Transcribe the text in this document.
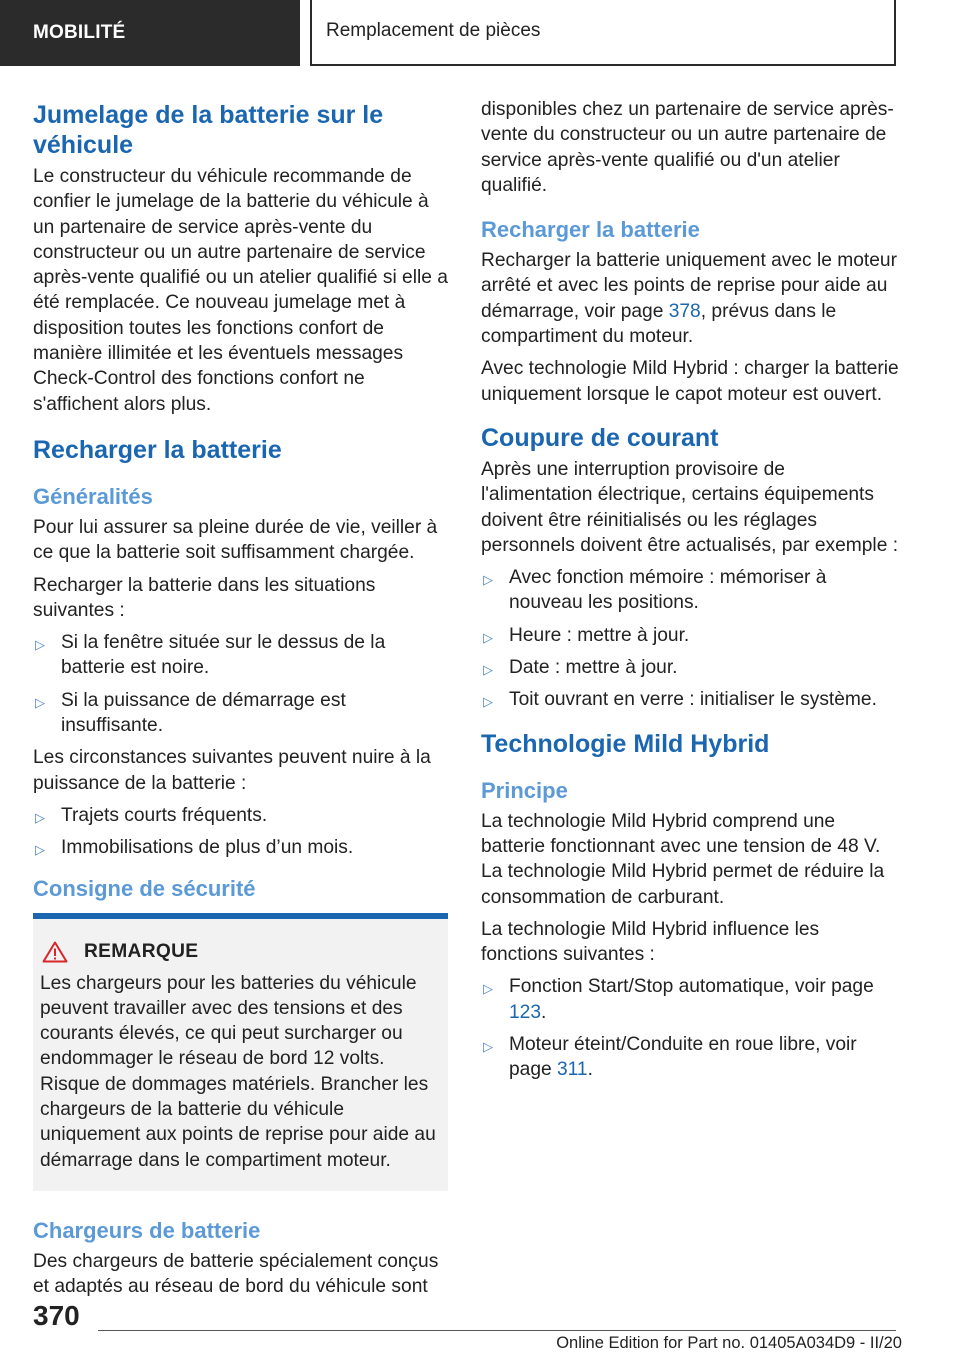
MOBILITÉ	Remplacement de pièces
Jumelage de la batterie sur le véhicule

Le constructeur du véhicule recommande de confier le jumelage de la batterie du véhicule à un partenaire de service après-vente du constructeur ou un autre partenaire de service après-vente qualifié ou un atelier qualifié si elle a été remplacée. Ce nouveau jumelage met à disposition toutes les fonctions confort de manière illimitée et les éventuels messages Check-Control des fonctions confort ne s'affichent alors plus.

Recharger la batterie
Généralités

Pour lui assurer sa pleine durée de vie, veiller à ce que la batterie soit suffisamment chargée.

Recharger la batterie dans les situations suivantes :

▷ Si la fenêtre située sur le dessus de la batterie est noire.
▷ Si la puissance de démarrage est insuffisante.

Les circonstances suivantes peuvent nuire à la puissance de la batterie :

▷ Trajets courts fréquents.
▷ Immobilisations de plus d’un mois.
Consigne de sécurité
REMARQUE

Les chargeurs pour les batteries du véhicule peuvent travailler avec des tensions et des courants élevés, ce qui peut surcharger ou endommager le réseau de bord 12 volts. Risque de dommages matériels. Brancher les chargeurs de la batterie du véhicule uniquement aux points de reprise pour aide au démarrage dans le compartiment moteur.

Chargeurs de batterie

Des chargeurs de batterie spécialement conçus et adaptés au réseau de bord du véhicule sont

disponibles chez un partenaire de service après-vente du constructeur ou un autre partenaire de service après-vente qualifié ou d'un atelier qualifié.

Recharger la batterie

Recharger la batterie uniquement avec le moteur arrêté et avec les points de reprise pour aide au démarrage, voir page 378, prévus dans le compartiment du moteur.

Avec technologie Mild Hybrid : charger la batterie uniquement lorsque le capot moteur est ouvert.

Coupure de courant

Après une interruption provisoire de l'alimentation électrique, certains équipements doivent être réinitialisés ou les réglages personnels doivent être actualisés, par exemple :

▷ Avec fonction mémoire : mémoriser à nouveau les positions.
▷ Heure : mettre à jour.
▷ Date : mettre à jour.
▷ Toit ouvrant en verre : initialiser le système.
Technologie Mild Hybrid
Principe

La technologie Mild Hybrid comprend une batterie fonctionnant avec une tension de 48 V. La technologie Mild Hybrid permet de réduire la consommation de carburant.

La technologie Mild Hybrid influence les fonctions suivantes :

▷ Fonction Start/Stop automatique, voir page 123.
▷ Moteur éteint/Conduite en roue libre, voir page 311.
370
Online Edition for Part no. 01405A034D9 - II/20
